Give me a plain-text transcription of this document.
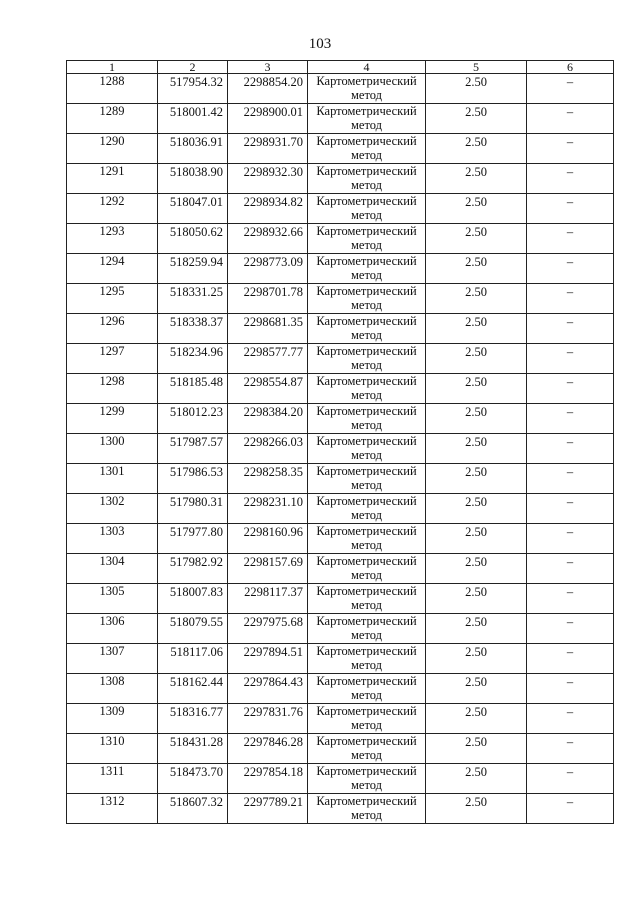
103
1	2	3	4	5	6
1288	517954.32	2298854.20	Картометрический метод	2.50	–
1289	518001.42	2298900.01	Картометрический метод	2.50	–
1290	518036.91	2298931.70	Картометрический метод	2.50	–
1291	518038.90	2298932.30	Картометрический метод	2.50	–
1292	518047.01	2298934.82	Картометрический метод	2.50	–
1293	518050.62	2298932.66	Картометрический метод	2.50	–
1294	518259.94	2298773.09	Картометрический метод	2.50	–
1295	518331.25	2298701.78	Картометрический метод	2.50	–
1296	518338.37	2298681.35	Картометрический метод	2.50	–
1297	518234.96	2298577.77	Картометрический метод	2.50	–
1298	518185.48	2298554.87	Картометрический метод	2.50	–
1299	518012.23	2298384.20	Картометрический метод	2.50	–
1300	517987.57	2298266.03	Картометрический метод	2.50	–
1301	517986.53	2298258.35	Картометрический метод	2.50	–
1302	517980.31	2298231.10	Картометрический метод	2.50	–
1303	517977.80	2298160.96	Картометрический метод	2.50	–
1304	517982.92	2298157.69	Картометрический метод	2.50	–
1305	518007.83	2298117.37	Картометрический метод	2.50	–
1306	518079.55	2297975.68	Картометрический метод	2.50	–
1307	518117.06	2297894.51	Картометрический метод	2.50	–
1308	518162.44	2297864.43	Картометрический метод	2.50	–
1309	518316.77	2297831.76	Картометрический метод	2.50	–
1310	518431.28	2297846.28	Картометрический метод	2.50	–
1311	518473.70	2297854.18	Картометрический метод	2.50	–
1312	518607.32	2297789.21	Картометрический метод	2.50	–
